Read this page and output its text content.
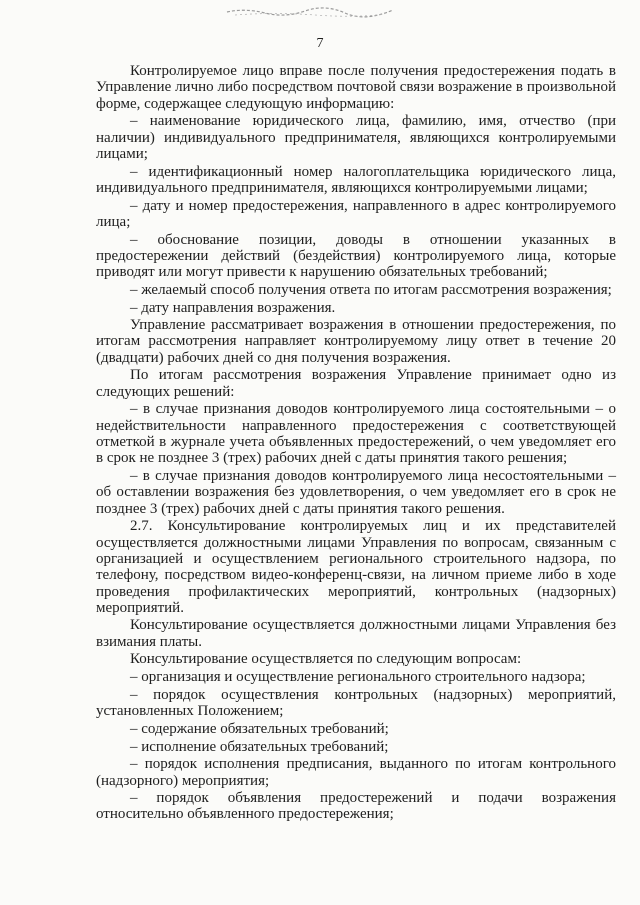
7

Контролируемое лицо вправе после получения предостережения подать в Управление лично либо посредством почтовой связи возражение в произвольной форме, содержащее следующую информацию:

– наименование юридического лица, фамилию, имя, отчество (при наличии) индивидуального предпринимателя, являющихся контролируемыми лицами;

– идентификационный номер налогоплательщика юридического лица, индивидуального предпринимателя, являющихся контролируемыми лицами;

– дату и номер предостережения, направленного в адрес контролируемого лица;

– обоснование позиции, доводы в отношении указанных в предостережении действий (бездействия) контролируемого лица, которые приводят или могут привести к нарушению обязательных требований;

– желаемый способ получения ответа по итогам рассмотрения возражения;

– дату направления возражения.

Управление рассматривает возражения в отношении предостережения, по итогам рассмотрения направляет контролируемому лицу ответ в течение 20 (двадцати) рабочих дней со дня получения возражения.

По итогам рассмотрения возражения Управление принимает одно из следующих решений:

– в случае признания доводов контролируемого лица состоятельными – о недействительности направленного предостережения с соответствующей отметкой в журнале учета объявленных предостережений, о чем уведомляет его в срок не позднее 3 (трех) рабочих дней с даты принятия такого решения;

– в случае признания доводов контролируемого лица несостоятельными – об оставлении возражения без удовлетворения, о чем уведомляет его в срок не позднее 3 (трех) рабочих дней с даты принятия такого решения.

2.7. Консультирование контролируемых лиц и их представителей осуществляется должностными лицами Управления по вопросам, связанным с организацией и осуществлением регионального строительного надзора, по телефону, посредством видео-конференц-связи, на личном приеме либо в ходе проведения профилактических мероприятий, контрольных (надзорных) мероприятий.

Консультирование осуществляется должностными лицами Управления без взимания платы.

Консультирование осуществляется по следующим вопросам:

– организация и осуществление регионального строительного надзора;

– порядок осуществления контрольных (надзорных) мероприятий, установленных Положением;

– содержание обязательных требований;

– исполнение обязательных требований;

– порядок исполнения предписания, выданного по итогам контрольного (надзорного) мероприятия;

– порядок объявления предостережений и подачи возражения относительно объявленного предостережения;
